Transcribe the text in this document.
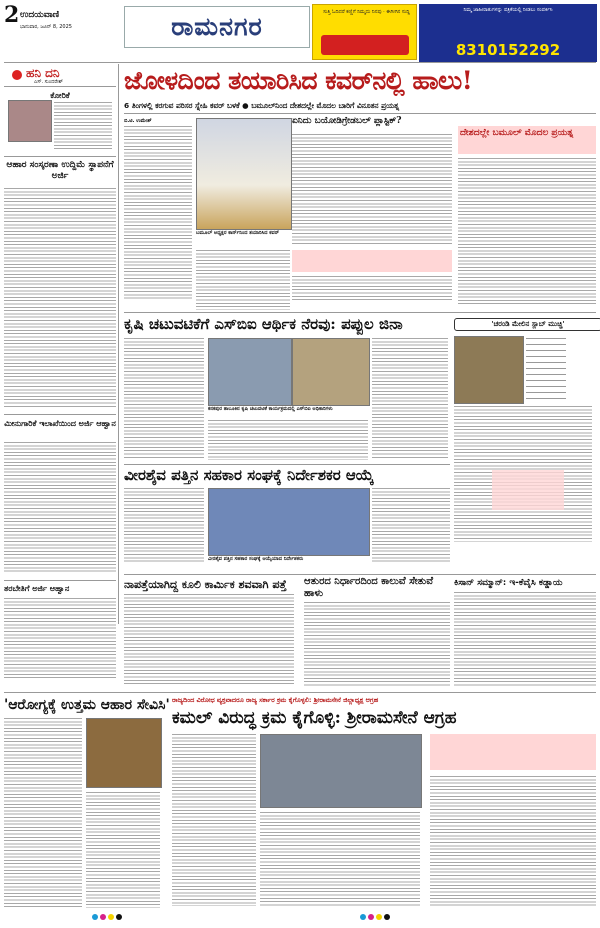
2 ಉದಯವಾಣಿ
ಭಾನುವಾರ, ಜೂನ್ 8, 2025	ರಾಮನಗರ	ಸುತ್ತಿ ಓದಿದರೆ ಕಣ್ಣಿಗೆ ನಿಮ್ಮದು ನಿನಪು · ಈಗೀಗಿನ ಸುದ್ದಿ	ನಿಮ್ಮ ಜಾಹೀರಾತುಗಳನ್ನು ಪತ್ರಿಕೆಯಲ್ಲಿ ನೀಡಲು ಸಂಪರ್ಕಿಸಿ
8310152292
ಹನಿ ದನಿ
ಎಸ್. ಸುಂದರೇಶ್
ಕೋರಿಕೆ
ಆಹಾರ ಸಂಸ್ಕರಣಾ ಉದ್ದಿಮೆ ಸ್ಥಾಪನೆಗೆ ಅರ್ಜಿ
ಮೀನುಗಾರಿಕೆ ಇಲಾಖೆಯಿಂದ ಅರ್ಜಿ ಆಹ್ವಾನ
ತರಬೇತಿಗೆ ಅರ್ಜಿ ಆಹ್ವಾನ
ಜೋಳದಿಂದ ತಯಾರಿಸಿದ ಕವರ್‌ನಲ್ಲಿ ಹಾಲು!
6 ತಿಂಗಳಲ್ಲಿ ಕರಗುವ ಪರಿಸರ ಸ್ನೇಹಿ ಕವರ್ ಬಳಕೆ ● ಬಮೂಲ್‌ನಿಂದ ದೇಶದಲ್ಲೇ ಮೊದಲ ಬಾರಿಗೆ ವಿನೂತನ ಪ್ರಯತ್ನ
ಬಿ.ಟಿ. ಉಮೇಶ್
ಬಮೂಲ್ ಅಧ್ಯಕ್ಷರ ಕಾರ್ನ್‌ನಿಂದ ತಯಾರಿಸಿದ ಕವರ್
ಏನಿದು ಬಯೋಡಿಗ್ರೇಡಬಲ್ ಪ್ಲಾಸ್ಟಿಕ್?
ದೇಶದಲ್ಲೇ ಬಮೂಲ್ ಮೊದಲ ಪ್ರಯತ್ನ
ಕೃಷಿ ಚಟುವಟಿಕೆಗೆ ಎಸ್‌ಬಿಐ ಆರ್ಥಿಕ ನೆರವು: ಪಪ್ಪುಲ ಜಿನಾ
ಕನಕಪುರ ತಾಲೂಕಿನ ಕೃಷಿ ಚಟುವಟಿಕೆ ಕಾರ್ಯಕ್ರಮದಲ್ಲಿ ಎಸ್‌ಬಿಐ ಅಧಿಕಾರಿಗಳು
'ಚರಂಡಿ ಮೇಲಿನ ಸ್ಲಾಬ್ ಮುಚ್ಚಿ'
ವೀರಶೈವ ಪತ್ತಿನ ಸಹಕಾರ ಸಂಘಕ್ಕೆ ನಿರ್ದೇಶಕರ ಆಯ್ಕೆ
ವೀರಶೈವ ಪತ್ತಿನ ಸಹಕಾರ ಸಂಘಕ್ಕೆ ಆಯ್ಕೆಯಾದ ನಿರ್ದೇಶಕರು
ನಾಪತ್ತೆಯಾಗಿದ್ದ ಕೂಲಿ ಕಾರ್ಮಿಕ ಶವವಾಗಿ ಪತ್ತೆ ಆತುರದ ನಿರ್ಧಾರದಿಂದ ಕಾಲುವೆ ಸೇತುವೆ ಹಾಳು
ಕಿಸಾನ್ ಸಮ್ಮಾನ್: ಇ-ಕೆವೈಸಿ ಕಡ್ಡಾಯ
'ಆರೋಗ್ಯಕ್ಕೆ ಉತ್ತಮ ಆಹಾರ ಸೇವಿಸಿ' ರಾಜ್ಯದಿಂದ ವಿರೋಧ ವ್ಯಕ್ತವಾದರೂ ರಾಜ್ಯ ಸರ್ಕಾರ ಕ್ರಮ ಕೈಗೊಳ್ಳಲಿ: ಶ್ರೀರಾಮಸೇನೆ ಜಿಲ್ಲಾಧ್ಯಕ್ಷ ಆಗ್ರಹ
ಕಮಲ್ ವಿರುದ್ಧ ಕ್ರಮ ಕೈಗೊಳ್ಳಿ: ಶ್ರೀರಾಮಸೇನೆ ಆಗ್ರಹ
